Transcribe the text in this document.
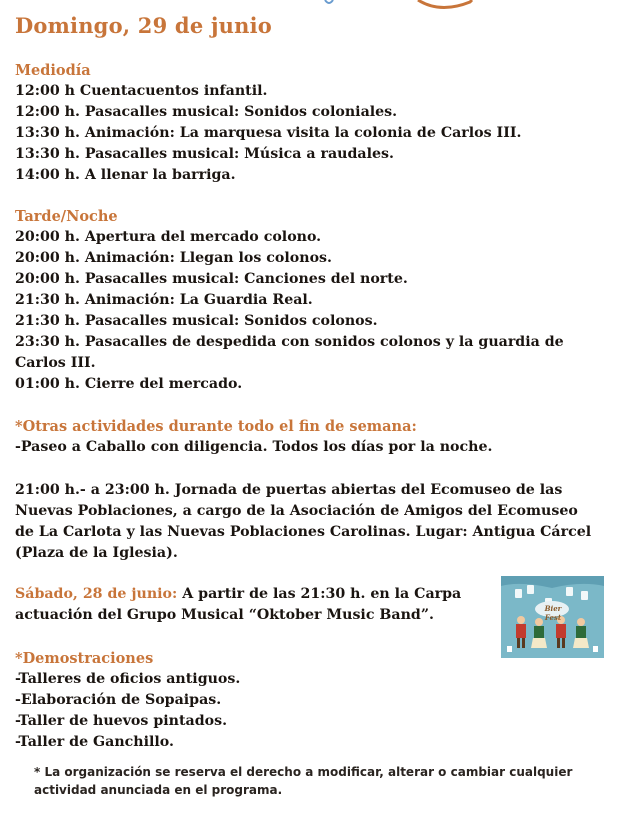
Domingo, 29 de junio
Mediodía
12:00 h Cuentacuentos infantil.
12:00 h. Pasacalles musical: Sonidos coloniales.
13:30 h. Animación: La marquesa visita la colonia de Carlos III.
13:30 h. Pasacalles musical: Música a raudales.
14:00 h. A llenar la barriga.
Tarde/Noche
20:00 h. Apertura del mercado colono.
20:00 h. Animación: Llegan los colonos.
20:00 h. Pasacalles musical: Canciones del norte.
21:30 h. Animación: La Guardia Real.
21:30 h. Pasacalles musical: Sonidos colonos.
23:30 h. Pasacalles de despedida con sonidos colonos y la guardia de Carlos III.
01:00 h. Cierre del mercado.
*Otras actividades durante todo el fin de semana:
-Paseo a Caballo con diligencia. Todos los días por la noche.
21:00 h.- a 23:00 h. Jornada de puertas abiertas del Ecomuseo de las Nuevas Poblaciones, a cargo de la Asociación de Amigos del Ecomuseo de La Carlota y las Nuevas Poblaciones Carolinas. Lugar: Antigua Cárcel (Plaza de la Iglesia).
Sábado, 28 de junio: A partir de las 21:30 h. en la Carpa actuación del Grupo Musical “Oktober Music Band”.	Bier Fest
*Demostraciones
-Talleres de oficios antiguos.
-Elaboración de Sopaipas.
-Taller de huevos pintados.
-Taller de Ganchillo.
* La organización se reserva el derecho a modificar, alterar o cambiar cualquier actividad anunciada en el programa.
